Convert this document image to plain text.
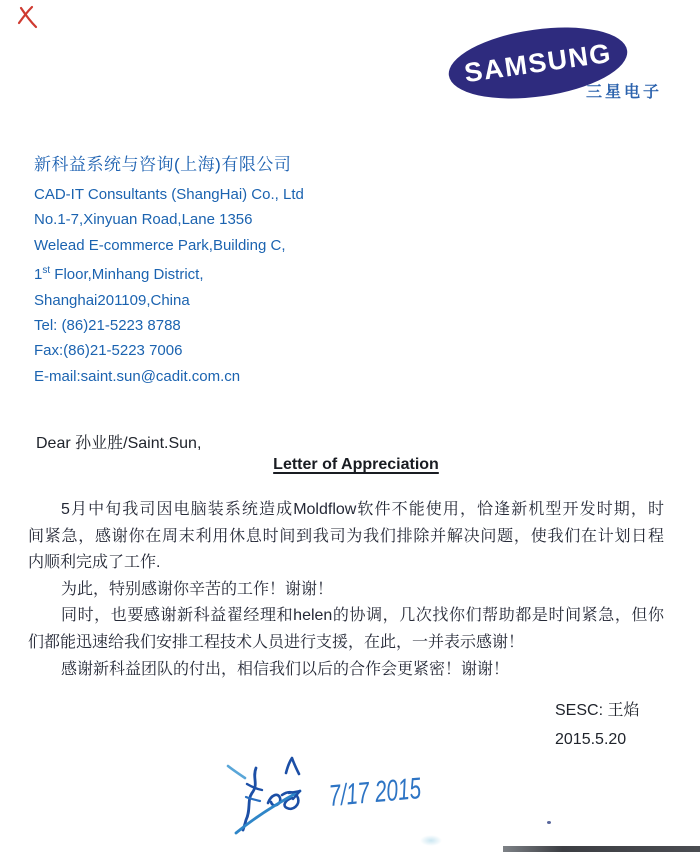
SAMSUNG
三星电子
新科益系统与咨询(上海)有限公司
CAD-IT Consultants (ShangHai) Co., Ltd
No.1-7,Xinyuan Road,Lane 1356
Welead E-commerce Park,Building C,
1st Floor,Minhang District,
Shanghai201109,China
Tel: (86)21-5223 8788
Fax:(86)21-5223 7006
E-mail:saint.sun@cadit.com.cn
Dear 孙业胜/Saint.Sun,
Letter of Appreciation
5月中旬我司因电脑装系统造成Moldflow软件不能使用，恰逢新机型开发时期，时
间紧急，感谢你在周末利用休息时间到我司为我们排除并解决问题，使我们在计划日程
内顺利完成了工作.
为此，特别感谢你辛苦的工作！谢谢！
同时，也要感谢新科益翟经理和helen的协调，几次找你们帮助都是时间紧急，但你
们都能迅速给我们安排工程技术人员进行支援，在此，一并表示感谢！
感谢新科益团队的付出，相信我们以后的合作会更紧密！谢谢！
SESC: 王焰
2015.5.20
7/17 2015
